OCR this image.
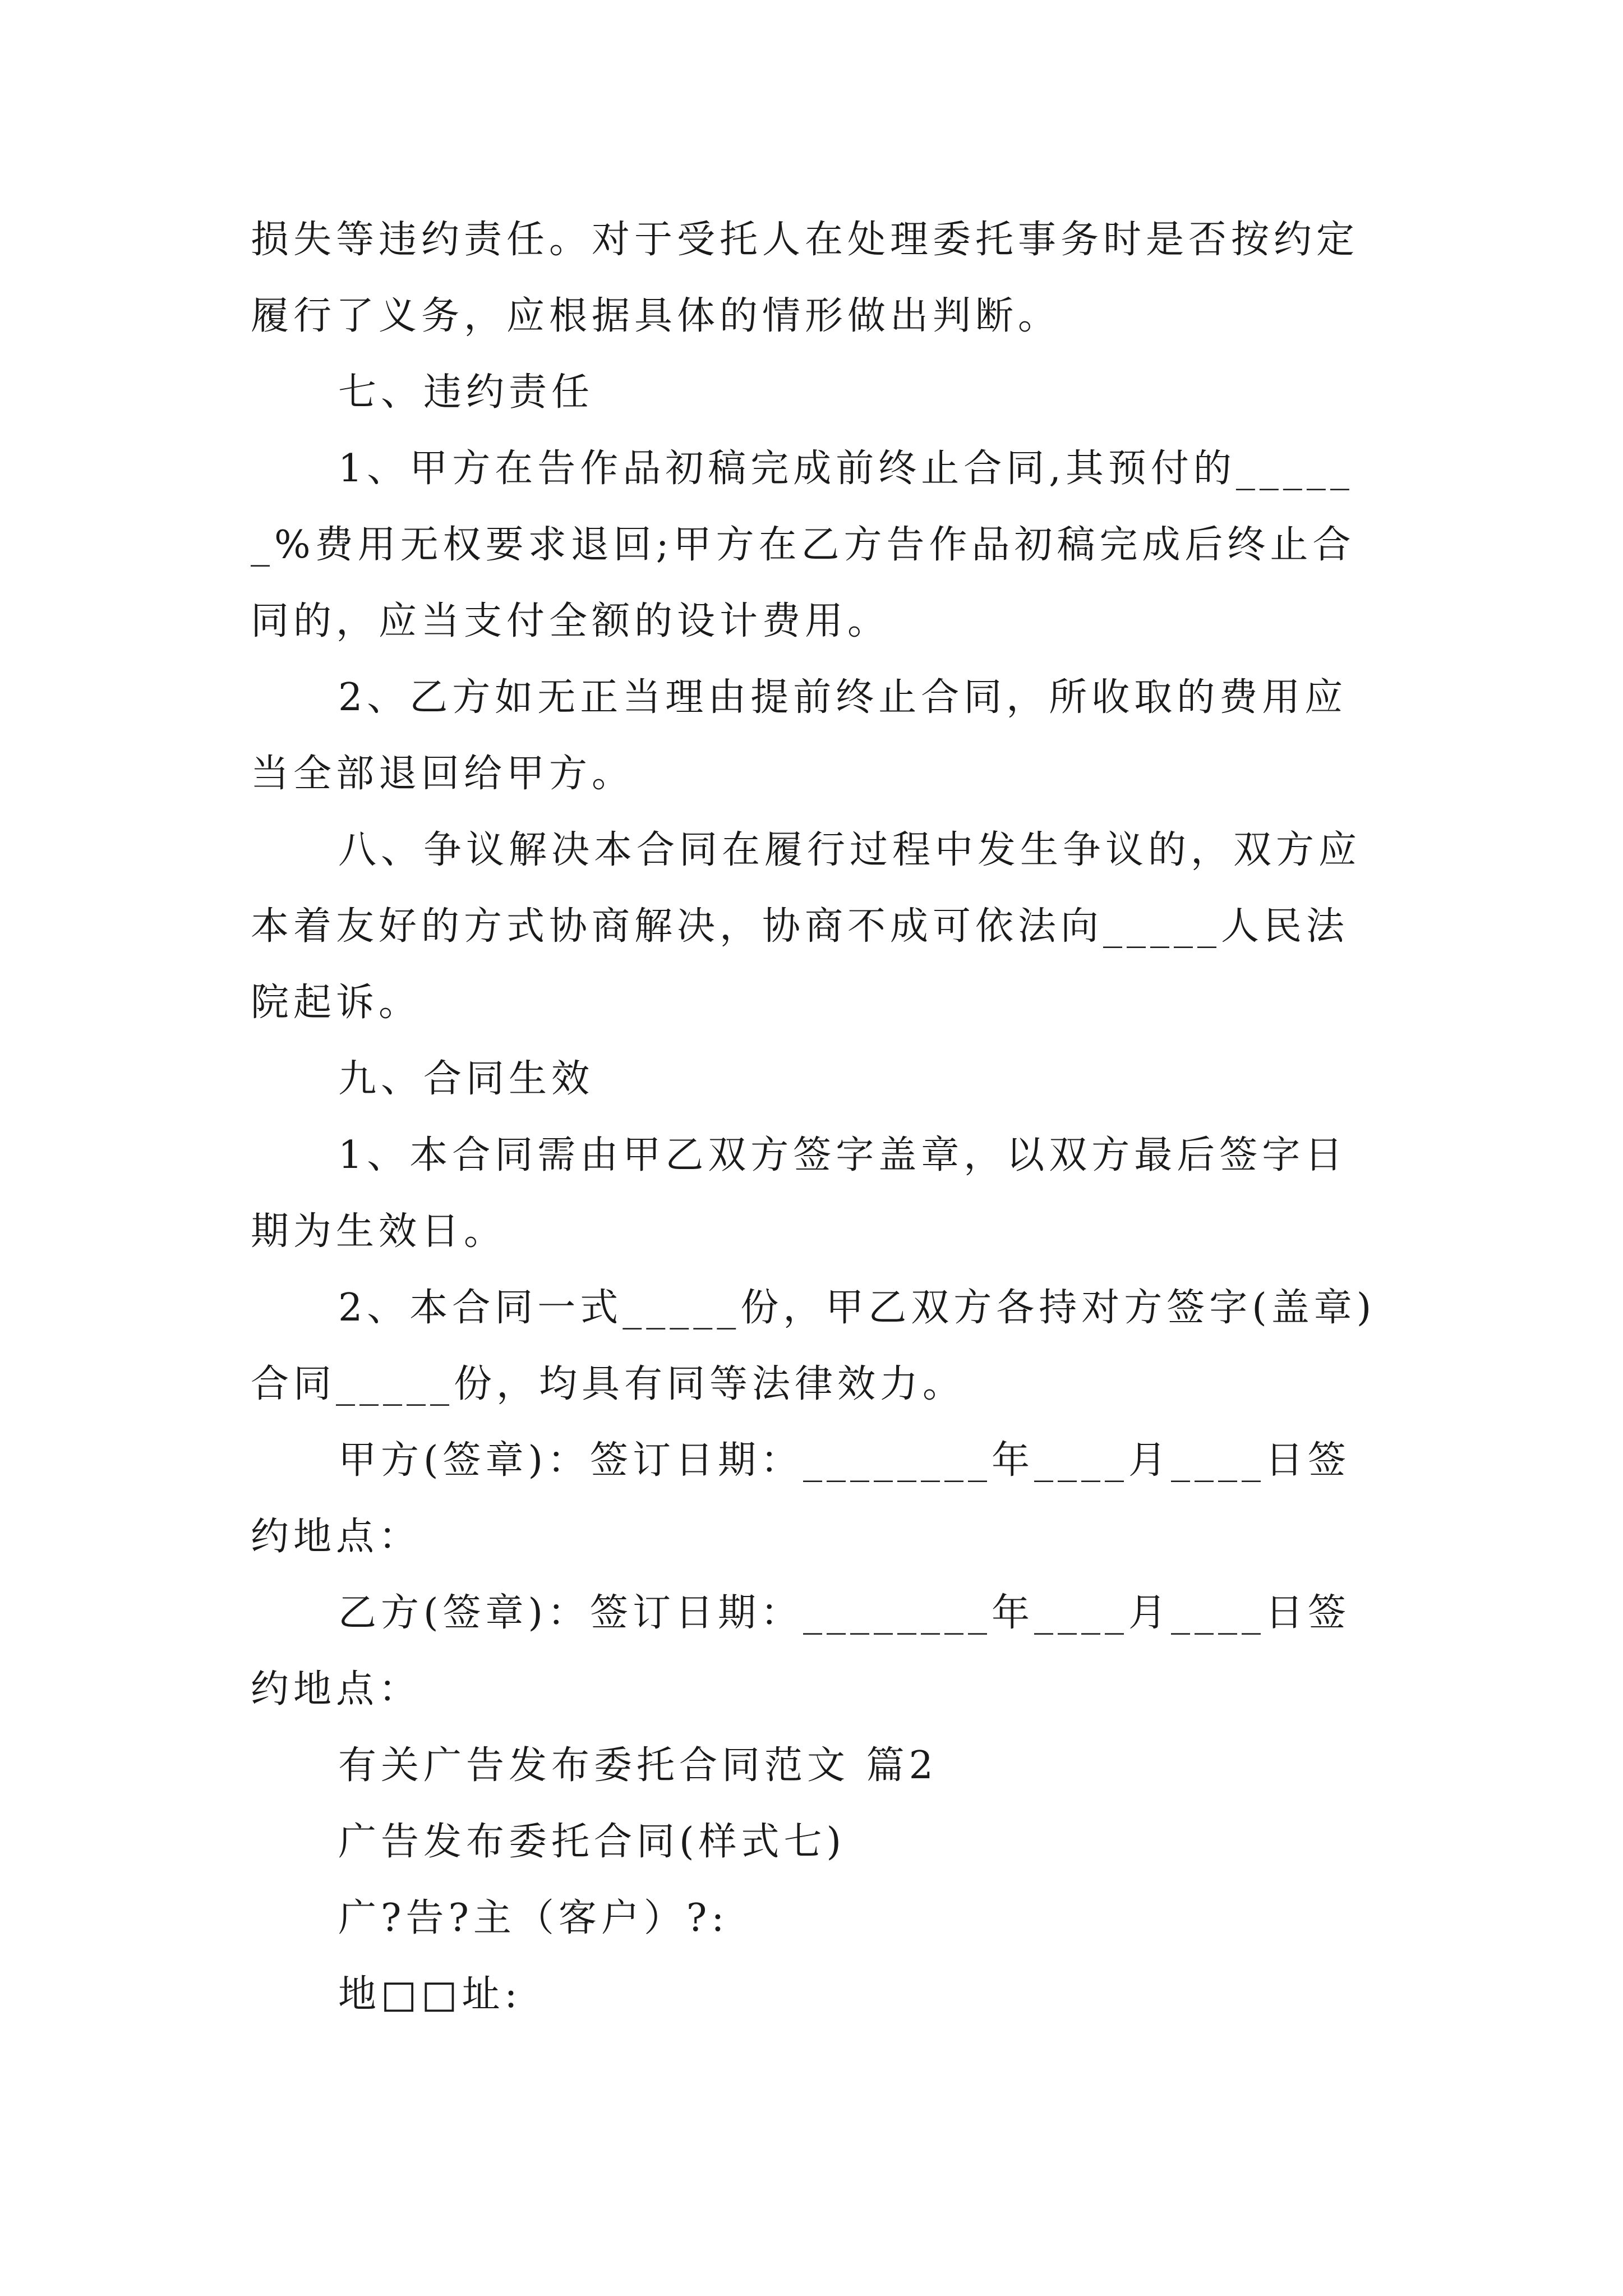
损失等违约责任。对于受托人在处理委托事务时是否按约定履行了义务，应根据具体的情形做出判断。

七、违约责任

1、甲方在告作品初稿完成前终止合同,其预付的______%费用无权要求退回;甲方在乙方告作品初稿完成后终止合同的，应当支付全额的设计费用。

2、乙方如无正当理由提前终止合同，所收取的费用应当全部退回给甲方。

八、争议解决本合同在履行过程中发生争议的，双方应本着友好的方式协商解决，协商不成可依法向_____人民法院起诉。

九、合同生效

1、本合同需由甲乙双方签字盖章，以双方最后签字日期为生效日。

2、本合同一式_____份，甲乙双方各持对方签字(盖章)合同_____份，均具有同等法律效力。

甲方(签章)：签订日期：________年____月____日签约地点：

乙方(签章)：签订日期：________年____月____日签约地点：

有关广告发布委托合同范文 篇2

广告发布委托合同(样式七)

广?告?主（客户）?:

地□□址:
